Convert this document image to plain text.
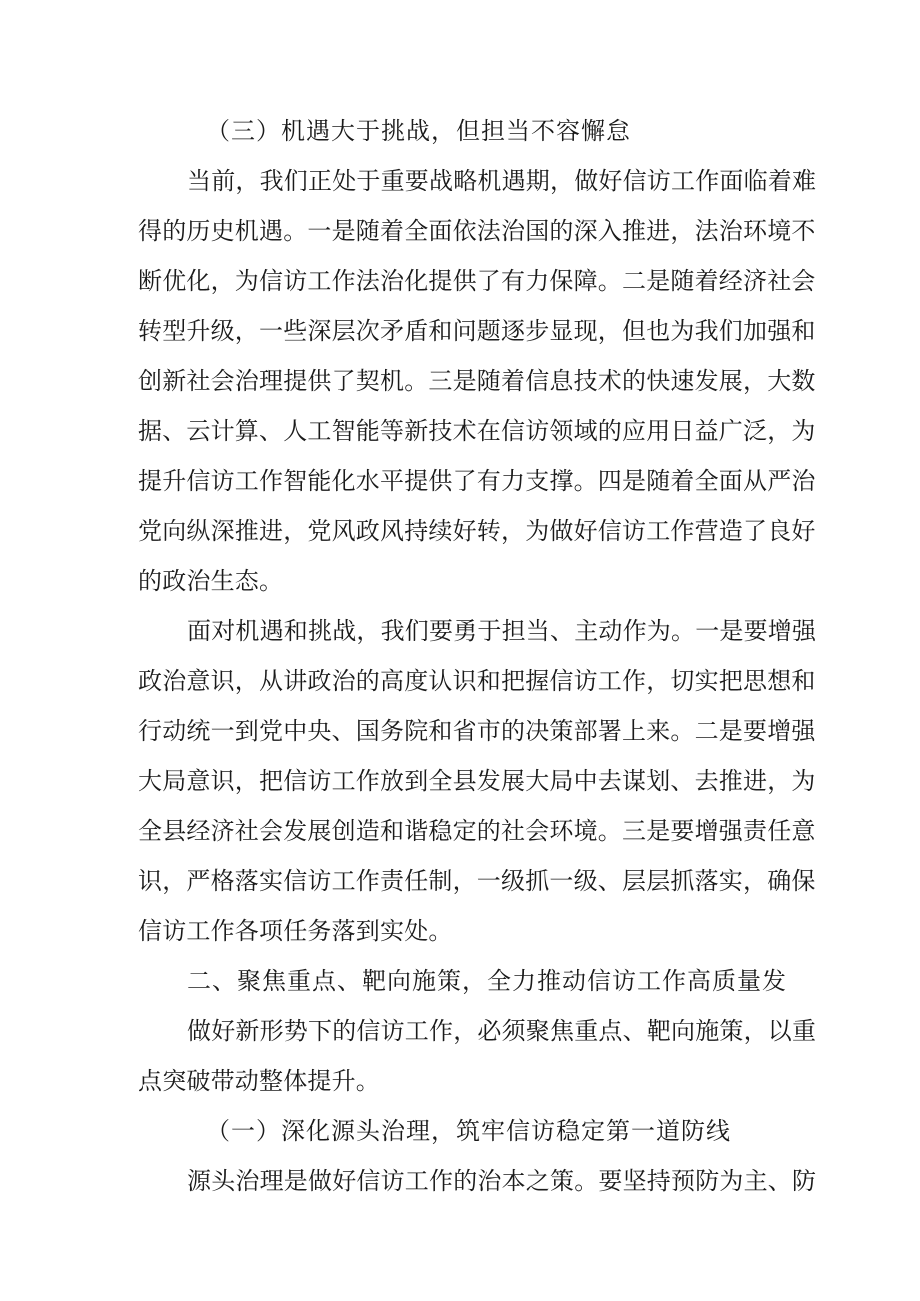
（三）机遇大于挑战，但担当不容懈怠
当前，我们正处于重要战略机遇期，做好信访工作面临着难
得的历史机遇。一是随着全面依法治国的深入推进，法治环境不
断优化，为信访工作法治化提供了有力保障。二是随着经济社会
转型升级，一些深层次矛盾和问题逐步显现，但也为我们加强和
创新社会治理提供了契机。三是随着信息技术的快速发展，大数
据、云计算、人工智能等新技术在信访领域的应用日益广泛，为
提升信访工作智能化水平提供了有力支撑。四是随着全面从严治
党向纵深推进，党风政风持续好转，为做好信访工作营造了良好
的政治生态。
面对机遇和挑战，我们要勇于担当、主动作为。一是要增强
政治意识，从讲政治的高度认识和把握信访工作，切实把思想和
行动统一到党中央、国务院和省市的决策部署上来。二是要增强
大局意识，把信访工作放到全县发展大局中去谋划、去推进，为
全县经济社会发展创造和谐稳定的社会环境。三是要增强责任意
识，严格落实信访工作责任制，一级抓一级、层层抓落实，确保
信访工作各项任务落到实处。
二、聚焦重点、靶向施策，全力推动信访工作高质量发
做好新形势下的信访工作，必须聚焦重点、靶向施策，以重
点突破带动整体提升。
（一）深化源头治理，筑牢信访稳定第一道防线
源头治理是做好信访工作的治本之策。要坚持预防为主、防
